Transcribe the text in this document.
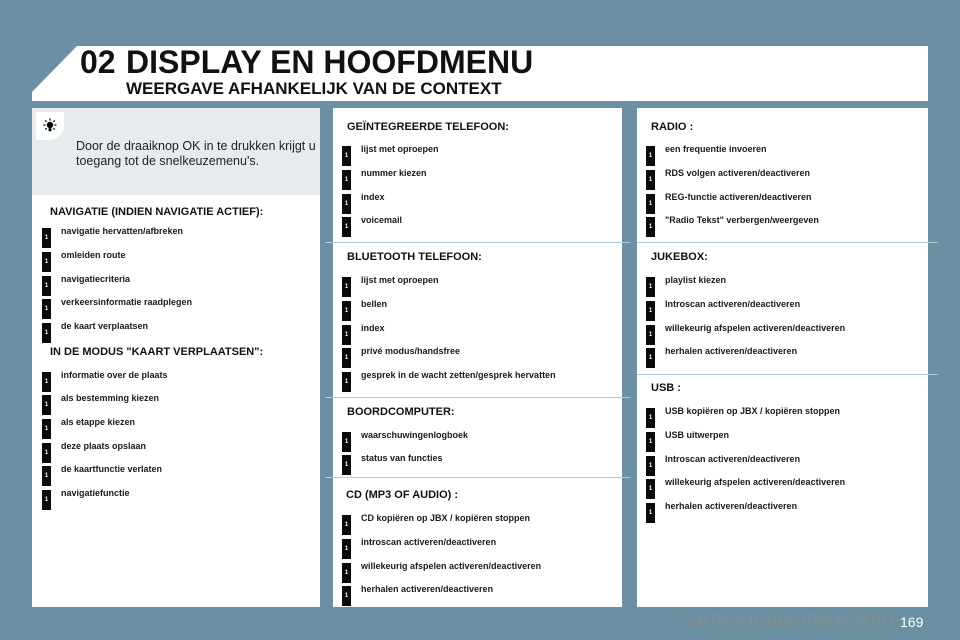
02 DISPLAY EN HOOFDMENU
WEERGAVE AFHANKELIJK VAN DE CONTEXT
Door de draaiknop OK in te drukken krijgt u toegang tot de snelkeuzemenu's.
NAVIGATIE (INDIEN NAVIGATIE ACTIEF):
1
navigatie hervatten/afbreken
1
omleiden route
1
navigatiecriteria
1
verkeersinformatie raadplegen
1
de kaart verplaatsen
IN DE MODUS "KAART VERPLAATSEN":
1
informatie over de plaats
1
als bestemming kiezen
1
als etappe kiezen
1
deze plaats opslaan
1
de kaartfunctie verlaten
1
navigatiefunctie
GEÏNTEGREERDE TELEFOON:
1
lijst met oproepen
1
nummer kiezen
1
index
1
voicemail
BLUETOOTH TELEFOON:
1
lijst met oproepen
1
bellen
1
index
1
privé modus/handsfree
1
gesprek in de wacht zetten/gesprek hervatten
BOORDCOMPUTER:
1
waarschuwingenlogboek
1
status van functies
CD (MP3 OF AUDIO) :
1
CD kopiëren op JBX / kopiëren stoppen
1
introscan activeren/deactiveren
1
willekeurig afspelen activeren/deactiveren
1
herhalen activeren/deactiveren
RADIO :
1
een frequentie invoeren
1
RDS volgen activeren/deactiveren
1
REG-functie activeren/deactiveren
1
"Radio Tekst" verbergen/weergeven
JUKEBOX:
1
playlist kiezen
1
Introscan activeren/deactiveren
1
willekeurig afspelen activeren/deactiveren
1
herhalen activeren/deactiveren
USB :
1
USB kopiëren op JBX / kopiëren stoppen
1
USB uitwerpen
1
Introscan activeren/deactiveren
1
willekeurig afspelen activeren/deactiveren
1
herhalen activeren/deactiveren
carmanualsonline.info 169
